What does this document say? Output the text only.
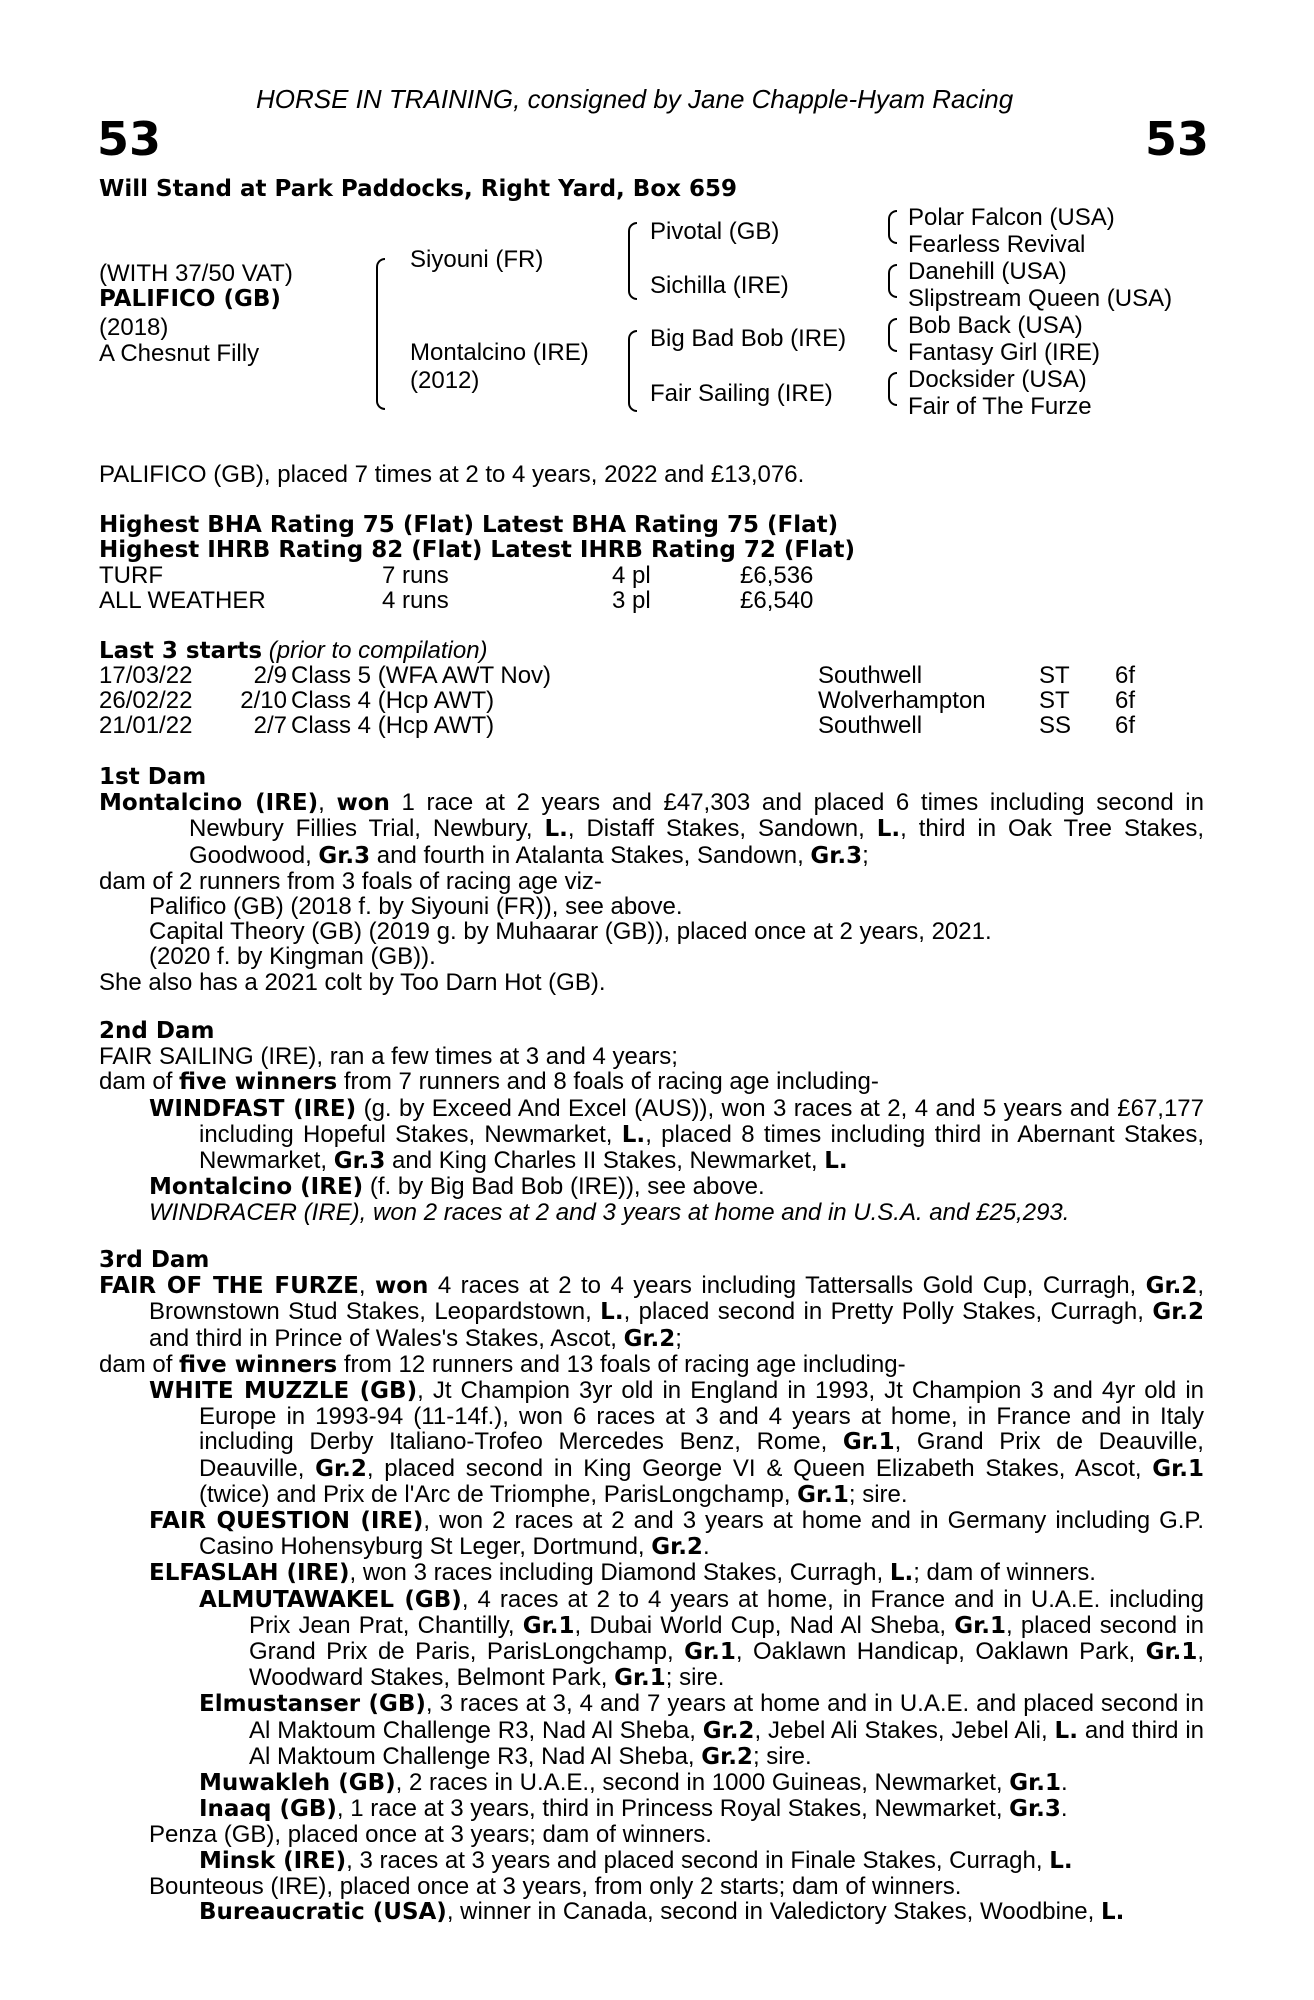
HORSE IN TRAINING, consigned by Jane Chapple-Hyam Racing
53	53
Will Stand at Park Paddocks, Right Yard, Box 659
(WITH 37/50 VAT)
PALIFICO (GB)
(2018)
A Chesnut Filly
Siyouni (FR)
Montalcino (IRE)
(2012)
Pivotal (GB)
Sichilla (IRE)
Big Bad Bob (IRE)
Fair Sailing (IRE)
Polar Falcon (USA)
Fearless Revival
Danehill (USA)
Slipstream Queen (USA)
Bob Back (USA)
Fantasy Girl (IRE)
Docksider (USA)
Fair of The Furze
PALIFICO (GB), placed 7 times at 2 to 4 years, 2022 and £13,076.
Highest BHA Rating 75 (Flat) Latest BHA Rating 75 (Flat)
Highest IHRB Rating 82 (Flat) Latest IHRB Rating 72 (Flat)
TURF	7 runs	4 pl	£6,536
ALL WEATHER	4 runs	3 pl	£6,540
Last 3 starts (prior to compilation)
17/03/22	2/9 Class 5 (WFA AWT Nov)	Southwell	ST 6f
26/02/22 2/10 Class 4 (Hcp AWT)	Wolverhampton ST 6f
21/01/22	2/7 Class 4 (Hcp AWT)	Southwell	SS 6f

1st Dam

Montalcino (IRE), won 1 race at 2 years and £47,303 and placed 6 times including second in Newbury Fillies Trial, Newbury, L., Distaff Stakes, Sandown, L., third in Oak Tree Stakes, Goodwood, Gr.3 and fourth in Atalanta Stakes, Sandown, Gr.3;

dam of 2 runners from 3 foals of racing age viz-

Palifico (GB) (2018 f. by Siyouni (FR)), see above.

Capital Theory (GB) (2019 g. by Muhaarar (GB)), placed once at 2 years, 2021.

(2020 f. by Kingman (GB)).

She also has a 2021 colt by Too Darn Hot (GB).

2nd Dam

FAIR SAILING (IRE), ran a few times at 3 and 4 years;

dam of five winners from 7 runners and 8 foals of racing age including-

WINDFAST (IRE) (g. by Exceed And Excel (AUS)), won 3 races at 2, 4 and 5 years and £67,177 including Hopeful Stakes, Newmarket, L., placed 8 times including third in Abernant Stakes, Newmarket, Gr.3 and King Charles II Stakes, Newmarket, L.

Montalcino (IRE) (f. by Big Bad Bob (IRE)), see above.

WINDRACER (IRE), won 2 races at 2 and 3 years at home and in U.S.A. and £25,293.

3rd Dam

FAIR OF THE FURZE, won 4 races at 2 to 4 years including Tattersalls Gold Cup, Curragh, Gr.2, Brownstown Stud Stakes, Leopardstown, L., placed second in Pretty Polly Stakes, Curragh, Gr.2 and third in Prince of Wales's Stakes, Ascot, Gr.2;

dam of five winners from 12 runners and 13 foals of racing age including-

WHITE MUZZLE (GB), Jt Champion 3yr old in England in 1993, Jt Champion 3 and 4yr old in Europe in 1993-94 (11-14f.), won 6 races at 3 and 4 years at home, in France and in Italy including Derby Italiano-Trofeo Mercedes Benz, Rome, Gr.1, Grand Prix de Deauville, Deauville, Gr.2, placed second in King George VI & Queen Elizabeth Stakes, Ascot, Gr.1 (twice) and Prix de l'Arc de Triomphe, ParisLongchamp, Gr.1; sire.

FAIR QUESTION (IRE), won 2 races at 2 and 3 years at home and in Germany including G.P. Casino Hohensyburg St Leger, Dortmund, Gr.2.

ELFASLAH (IRE), won 3 races including Diamond Stakes, Curragh, L.; dam of winners.

ALMUTAWAKEL (GB), 4 races at 2 to 4 years at home, in France and in U.A.E. including Prix Jean Prat, Chantilly, Gr.1, Dubai World Cup, Nad Al Sheba, Gr.1, placed second in Grand Prix de Paris, ParisLongchamp, Gr.1, Oaklawn Handicap, Oaklawn Park, Gr.1, Woodward Stakes, Belmont Park, Gr.1; sire.

Elmustanser (GB), 3 races at 3, 4 and 7 years at home and in U.A.E. and placed second in Al Maktoum Challenge R3, Nad Al Sheba, Gr.2, Jebel Ali Stakes, Jebel Ali, L. and third in Al Maktoum Challenge R3, Nad Al Sheba, Gr.2; sire.

Muwakleh (GB), 2 races in U.A.E., second in 1000 Guineas, Newmarket, Gr.1.

Inaaq (GB), 1 race at 3 years, third in Princess Royal Stakes, Newmarket, Gr.3.

Penza (GB), placed once at 3 years; dam of winners.

Minsk (IRE), 3 races at 3 years and placed second in Finale Stakes, Curragh, L.

Bounteous (IRE), placed once at 3 years, from only 2 starts; dam of winners.

Bureaucratic (USA), winner in Canada, second in Valedictory Stakes, Woodbine, L.
